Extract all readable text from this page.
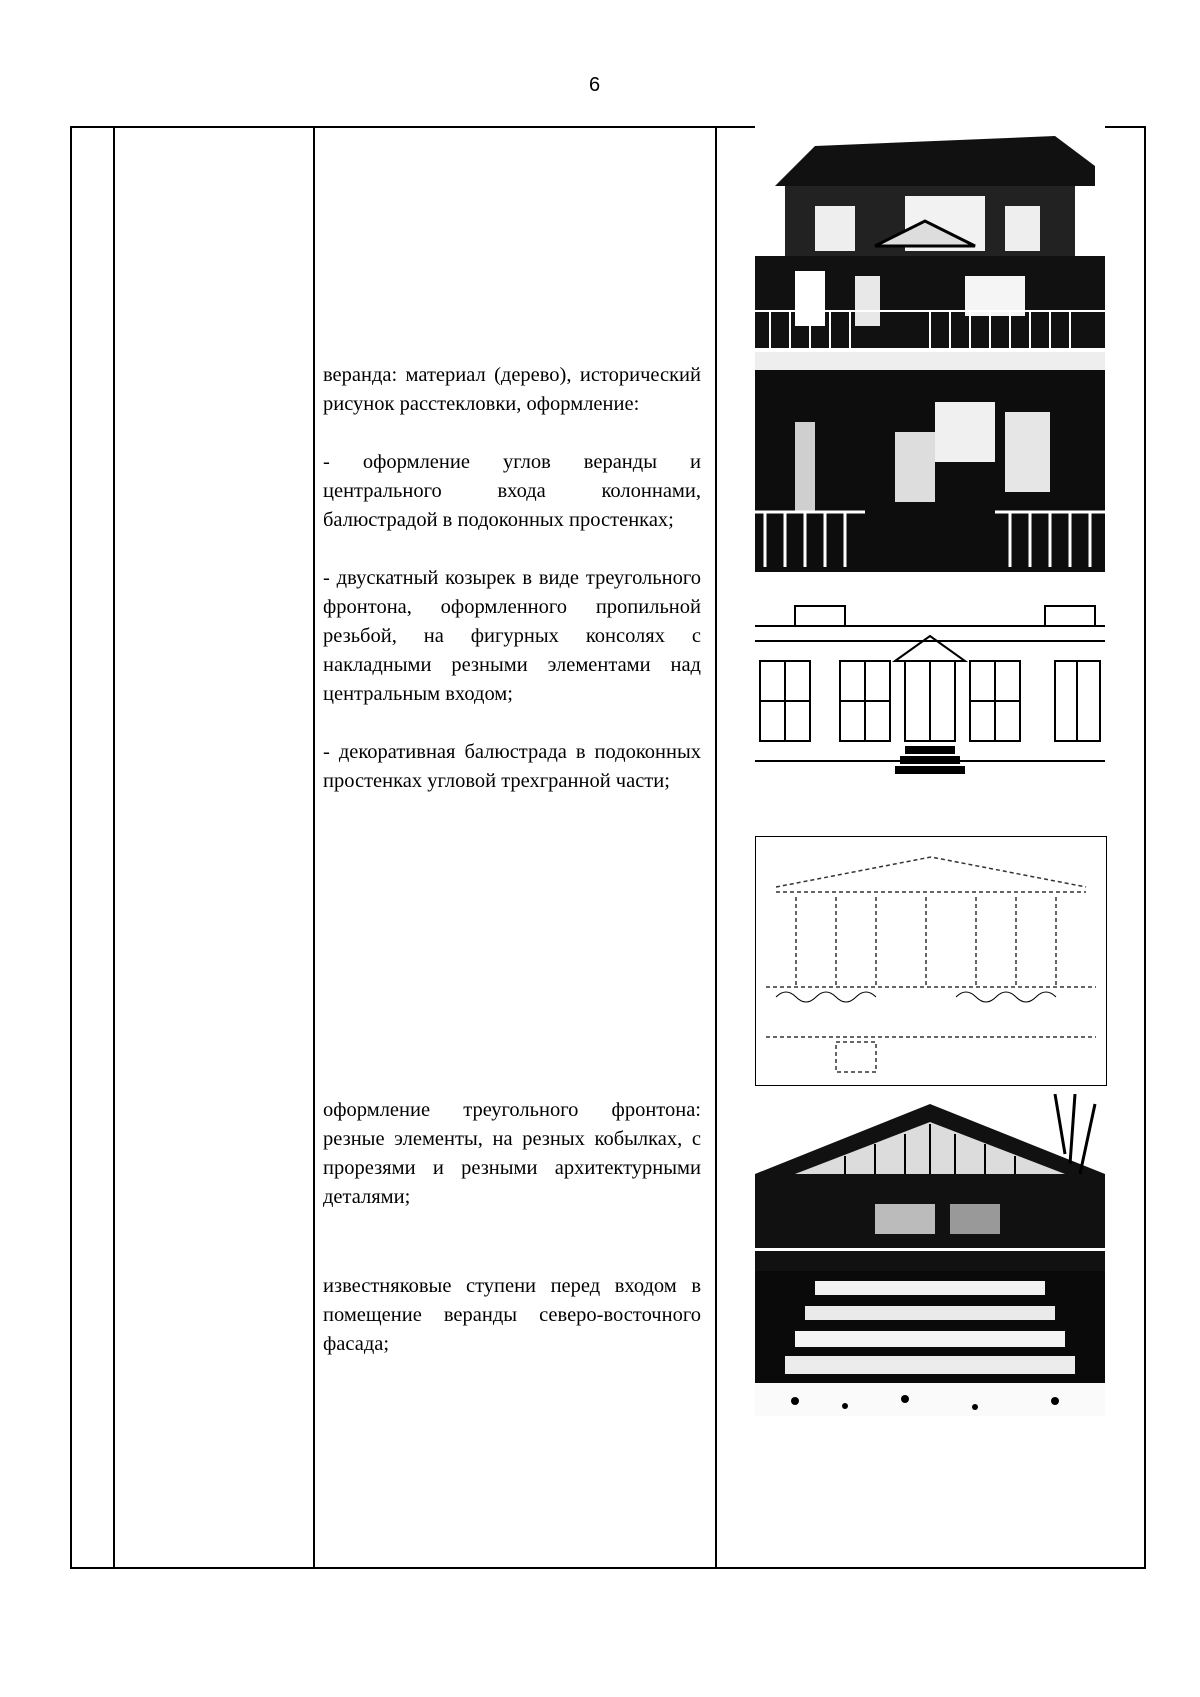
6

веранда: материал (дерево), исторический рисунок расстекловки, оформление:

- оформление углов веранды и центрального входа колоннами, балюстрадой в подоконных простенках;

- двускатный козырек в виде треугольного фронтона, оформленного пропильной резьбой, на фигурных консолях с накладными резными элементами над центральным входом;

- декоративная балюстрада в подоконных простенках угловой трехгранной части;

оформление треугольного фронтона: резные элементы, на резных кобылках, с прорезями и резными архитектурными деталями;

известняковые ступени перед входом в помещение веранды северо-восточного фасада;
